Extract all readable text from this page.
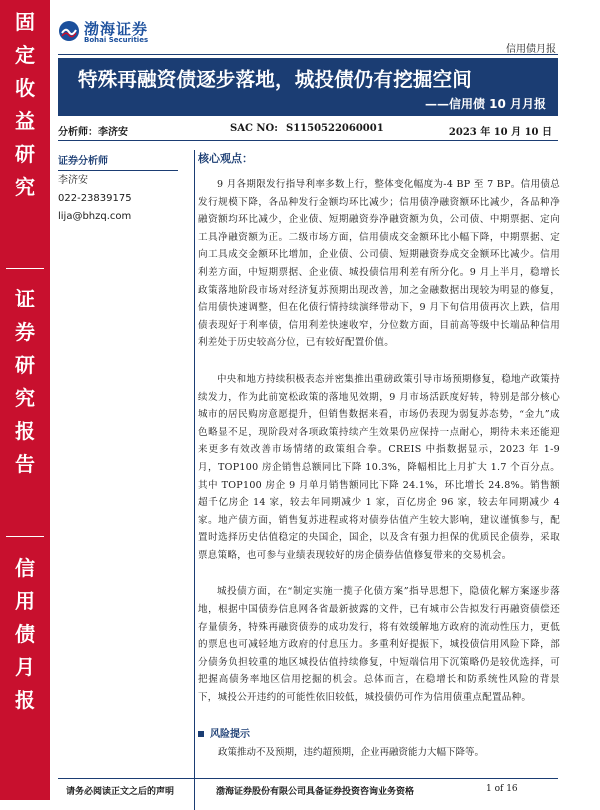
固
定
收
益
研
究
证
券
研
究
报
告
信
用
债
月
报
渤海证券
Bohai Securities
信用债月报
特殊再融资债逐步落地，城投债仍有挖掘空间
——信用债 10 月月报
分析师：李济安	SAC NO: S1150522060001	2023 年 10 月 10 日
证券分析师
李济安
022-23839175
lija@bhzq.com
核心观点：

9 月各期限发行指导利率多数上行，整体变化幅度为-4 BP 至 7 BP。信用债总发行规模下降，各品种发行金额均环比减少；信用债净融资额环比减少，各品种净融资额均环比减少，企业债、短期融资券净融资额为负，公司债、中期票据、定向工具净融资额为正。二级市场方面，信用债成交金额环比小幅下降，中期票据、定向工具成交金额环比增加，企业债、公司债、短期融资券成交金额环比减少。信用利差方面，中短期票据、企业债、城投债信用利差有所分化。9 月上半月，稳增长政策落地阶段市场对经济复苏预期出现改善，加之金融数据出现较为明显的修复，信用债快速调整，但在化债行情持续演绎带动下，9 月下旬信用债再次上跌，信用债表现好于利率债，信用利差快速收窄，分位数方面，目前高等级中长端品种信用利差处于历史较高分位，已有较好配置价值。

中央和地方持续积极表态并密集推出重磅政策引导市场预期修复，稳地产政策持续发力，作为此前宽松政策的落地见效期，9 月市场活跃度好转，特别是部分核心城市的居民购房意愿提升，但销售数据来看，市场仍表现为弱复苏态势，“金九”成色略显不足，现阶段对各项政策持续产生效果仍应保持一点耐心，期待未来还能迎来更多有效改善市场情绪的政策组合拳。CREIS 中指数据显示，2023 年 1-9 月，TOP100 房企销售总额同比下降 10.3%，降幅相比上月扩大 1.7 个百分点。其中 TOP100 房企 9 月单月销售额同比下降 24.1%，环比增长 24.8%。销售额超千亿房企 14 家，较去年同期减少 1 家，百亿房企 96 家，较去年同期减少 4 家。地产债方面，销售复苏进程或将对债券估值产生较大影响，建议谨慎参与，配置时选择历史估值稳定的央国企，国企，以及含有强力担保的优质民企债券，采取票息策略，也可参与业绩表现较好的房企债券估值修复带来的交易机会。

城投债方面，在“制定实施一揽子化债方案”指导思想下，隐债化解方案逐步落地，根据中国债券信息网各省最新披露的文件，已有城市公告拟发行再融资债偿还存量债务，特殊再融资债券的成功发行，将有效缓解地方政府的流动性压力，更低的票息也可减轻地方政府的付息压力。多重利好提振下，城投债信用风险下降，部分债务负担较重的地区城投估值持续修复，中短端信用下沉策略仍是较优选择，可把握高债务率地区信用挖掘的机会。总体而言，在稳增长和防系统性风险的背景下，城投公开违约的可能性依旧较低，城投债仍可作为信用债重点配置品种。

风险提示
政策推动不及预期，违约超预期，企业再融资能力大幅下降等。
请务必阅读正文之后的声明	渤海证券股份有限公司具备证券投资咨询业务资格	1 of 16
